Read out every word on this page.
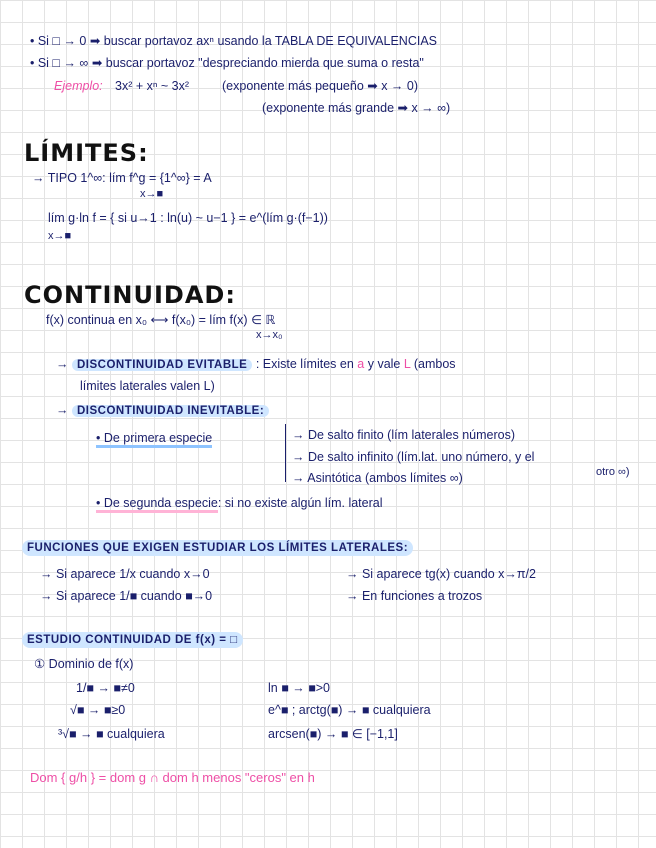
• Si □ → 0 ➡ buscar portavoz axⁿ usando la TABLA DE EQUIVALENCIAS
• Si □ → ∞ ➡ buscar portavoz "despreciando mierda que suma o resta"
Ejemplo: 3x² + xⁿ ~ 3x²	(exponente más pequeño ➡ x → 0)
(exponente más grande ➡ x → ∞)
LÍMITES:
→ TIPO 1^∞: lím f^g = {1^∞} = A
x→■
lím g·ln f = { si u→1 : ln(u) ~ u−1 } = e^(lím g·(f−1))
x→■
CONTINUIDAD:
f(x) continua en x₀ ⟷ f(x₀) = lím f(x) ∈ ℝ
x→x₀
→ DISCONTINUIDAD EVITABLE : Existe límites en a y vale L (ambos
límites laterales valen L)
→ DISCONTINUIDAD INEVITABLE:
• De primera especie	→ De salto finito (lím laterales números)
→ De salto infinito (lím.lat. uno número, y el
otro ∞)
→ Asintótica (ambos límites ∞)
• De segunda especie: si no existe algún lím. lateral
FUNCIONES QUE EXIGEN ESTUDIAR LOS LÍMITES LATERALES:
→ Si aparece 1/x cuando x→0
→ Si aparece 1/■ cuando ■→0
→ Si aparece tg(x) cuando x→π/2
→ En funciones a trozos
ESTUDIO CONTINUIDAD DE f(x) = □
① Dominio de f(x)
1/■ → ■≠0
√■ → ■≥0
³√■ → ■ cualquiera
ln ■ → ■>0
e^■ ; arctg(■) → ■ cualquiera
arcsen(■) → ■ ∈ [−1,1]
Dom { g/h } = dom g ∩ dom h menos "ceros" en h
